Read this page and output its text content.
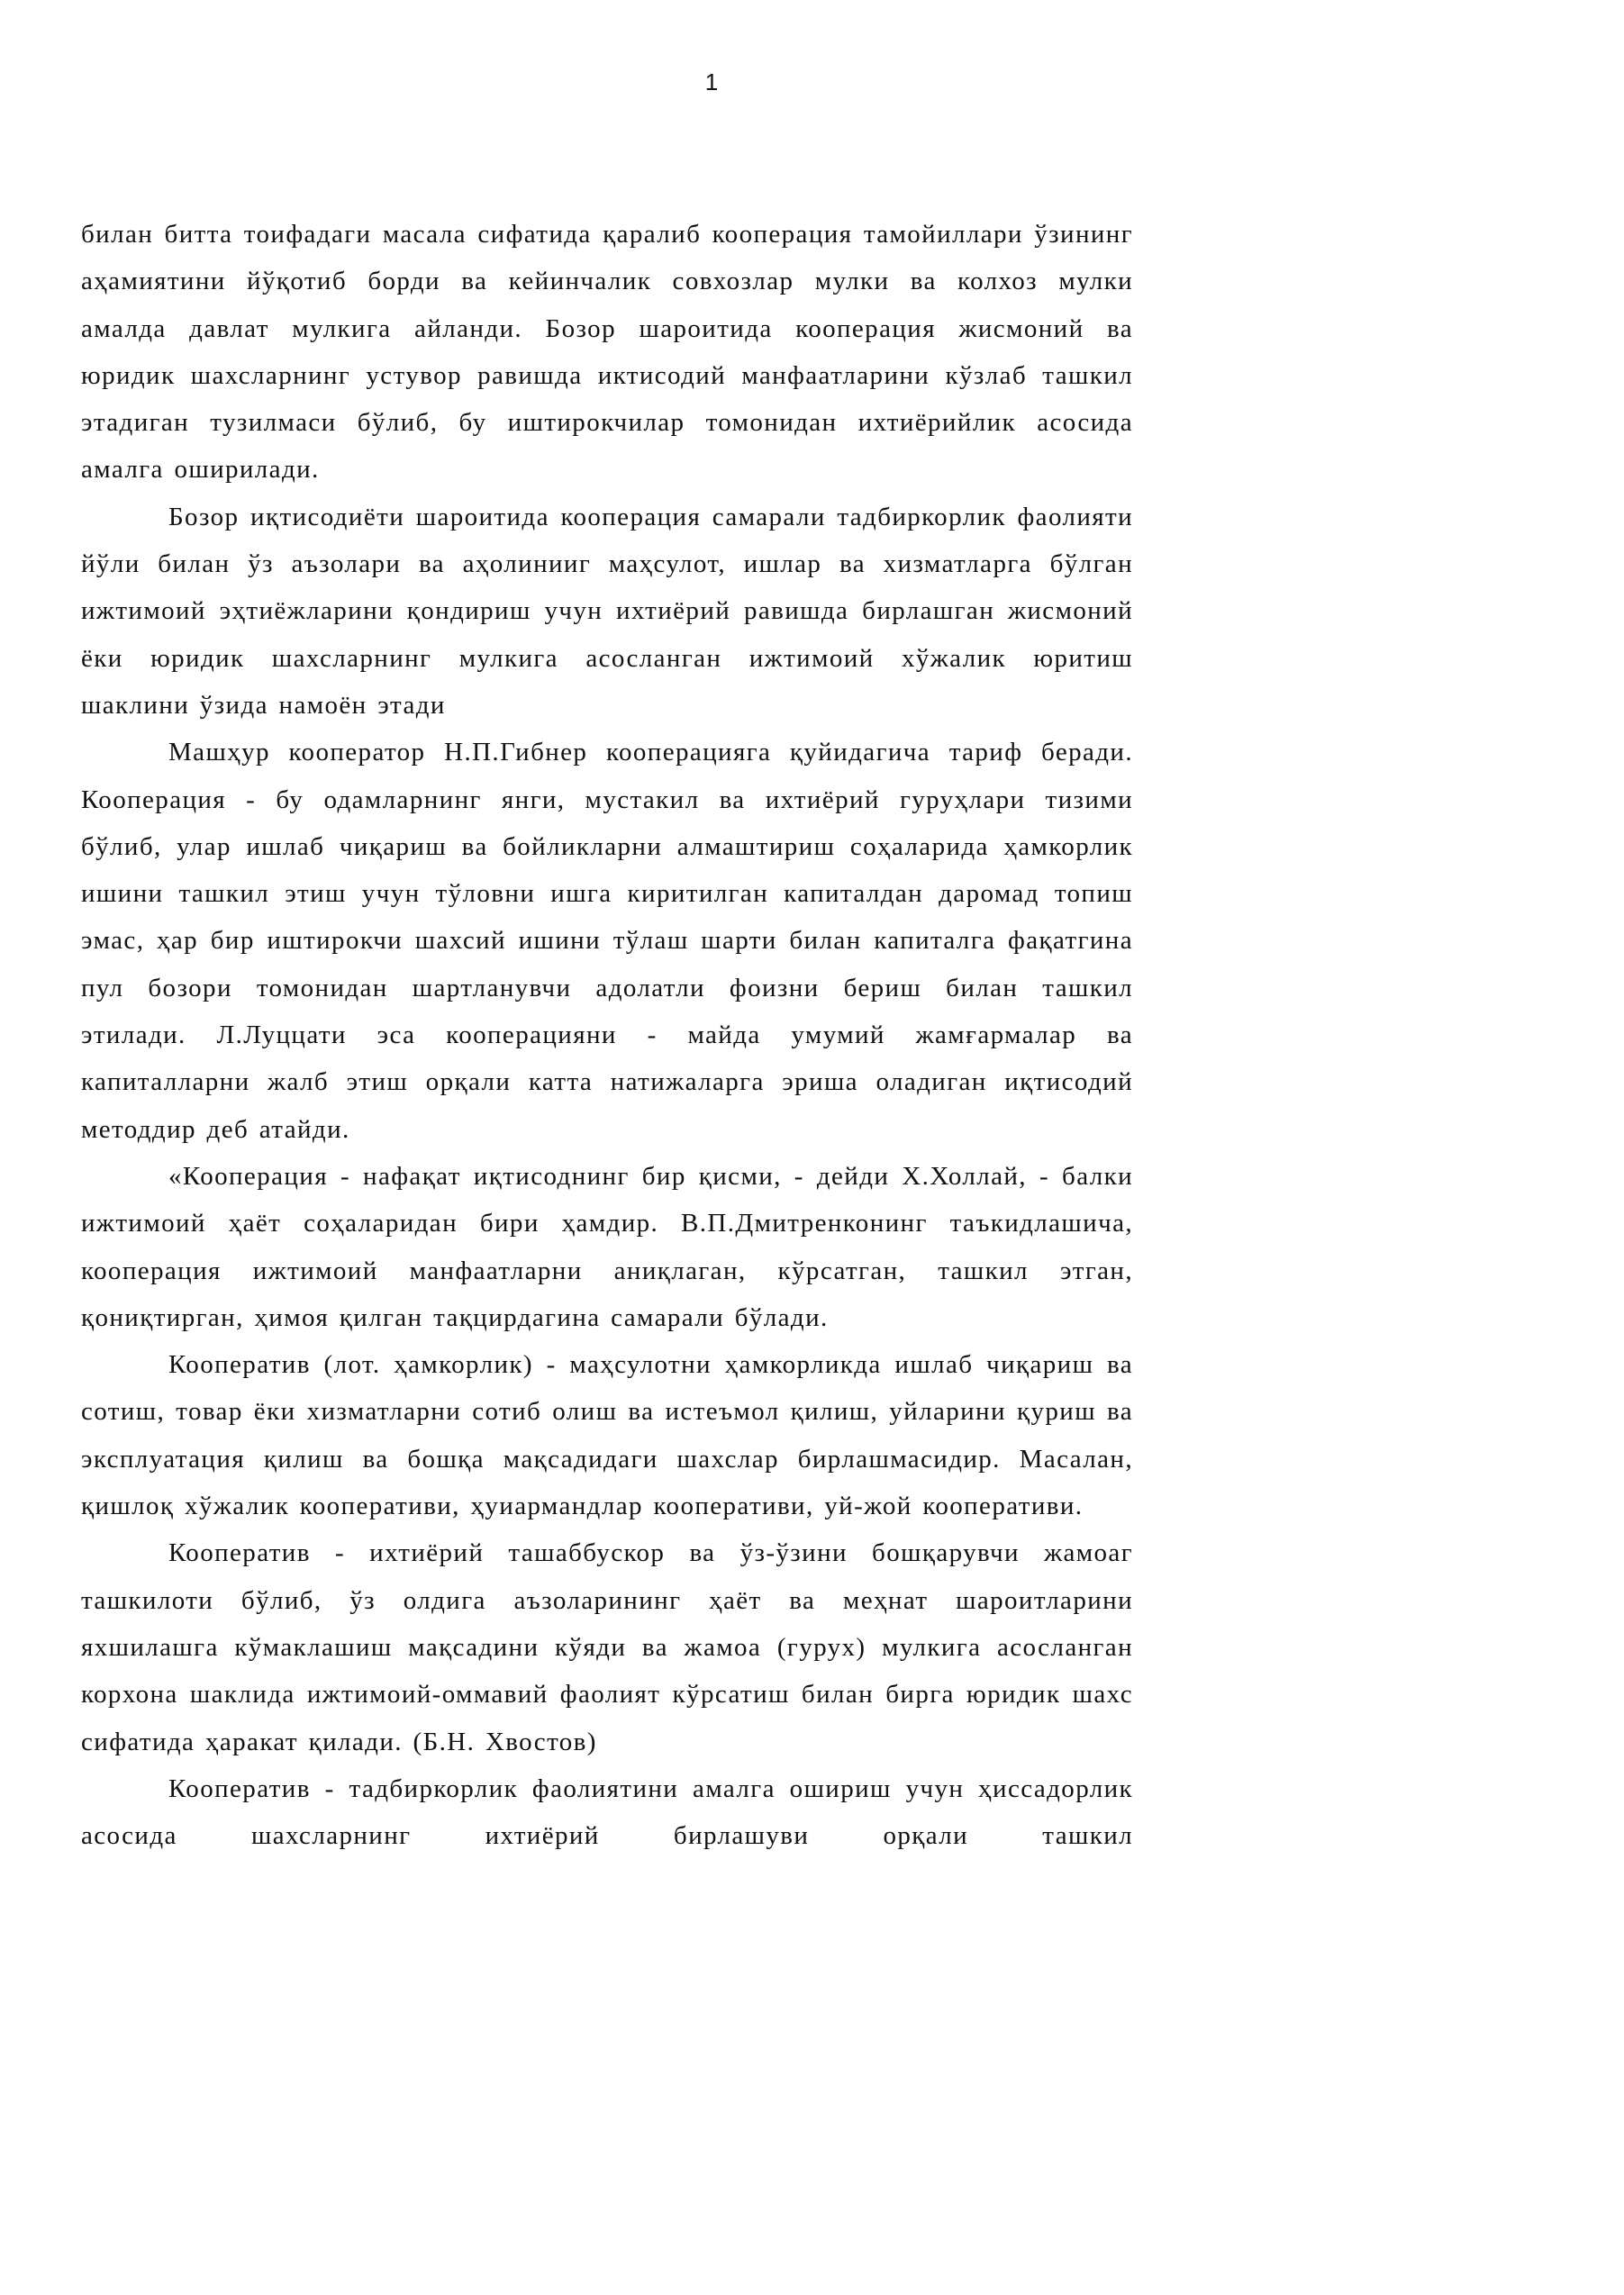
1

билан битта тоифадаги масала сифатида қаралиб кооперация тамойиллари ўзининг аҳамиятини йўқотиб борди ва кейинчалик совхозлар мулки ва колхоз мулки амалда давлат мулкига айланди. Бозор шароитида кооперация жисмоний ва юридик шахсларнинг устувор равишда иктисодий манфаатларини кўзлаб ташкил этадиган тузилмаси бўлиб, бу иштирокчилар томонидан ихтиёрийлик асосида амалга оширилади.

Бозор иқтисодиёти шароитида кооперация самарали тадбиркорлик фаолияти йўли билан ўз аъзолари ва аҳолинииг маҳсулот, ишлар ва хизматларга бўлган ижтимоий эҳтиёжларини қондириш учун ихтиёрий равишда бирлашган жисмоний ёки юридик шахсларнинг мулкига асосланган ижтимоий хўжалик юритиш шаклини ўзида намоён этади

Машҳур кооператор Н.П.Гибнер кооперацияга қуйидагича тариф беради. Кооперация - бу одамларнинг янги, мустакил ва ихтиёрий гуруҳлари тизими бўлиб, улар ишлаб чиқариш ва бойликларни алмаштириш соҳаларида ҳамкорлик ишини ташкил этиш учун тўловни ишга киритилган капиталдан даромад топиш эмас, ҳар бир иштирокчи шахсий ишини тўлаш шарти билан капиталга фақатгина пул бозори томонидан шартланувчи адолатли фоизни бериш билан ташкил этилади. Л.Луццати эса кооперацияни - майда умумий жамғармалар ва капиталларни жалб этиш орқали катта натижаларга эриша оладиган иқтисодий методдир деб атайди.

«Кооперация - нафақат иқтисоднинг бир қисми, - дейди Х.Холлай, - балки ижтимоий ҳаёт соҳаларидан бири ҳамдир. В.П.Дмитренконинг таъкидлашича, кооперация ижтимоий манфаатларни аниқлаган, кўрсатган, ташкил этган, қониқтирган, ҳимоя қилган тақцирдагина самарали бўлади.

Кооператив (лот. ҳамкорлик) - маҳсулотни ҳамкорликда ишлаб чиқариш ва сотиш, товар ёки хизматларни сотиб олиш ва истеъмол қилиш, уйларини қуриш ва эксплуатация қилиш ва бошқа мақсадидаги шахслар бирлашмасидир. Масалан, қишлоқ хўжалик кооперативи, ҳуиармандлар кооперативи, уй-жой кооперативи.

Кооператив - ихтиёрий ташаббускор ва ўз-ўзини бошқарувчи жамоаг ташкилоти бўлиб, ўз олдига аъзоларининг ҳаёт ва меҳнат шароитларини яхшилашга кўмаклашиш мақсадини кўяди ва жамоа (гурух) мулкига асосланган корхона шаклида ижтимоий-оммавий фаолият кўрсатиш билан бирга юридик шахс сифатида ҳаракат қилади. (Б.Н. Хвостов)

Кооператив - тадбиркорлик фаолиятини амалга ошириш учун ҳиссадорлик асосида шахсларнинг ихтиёрий бирлашуви орқали ташкил
